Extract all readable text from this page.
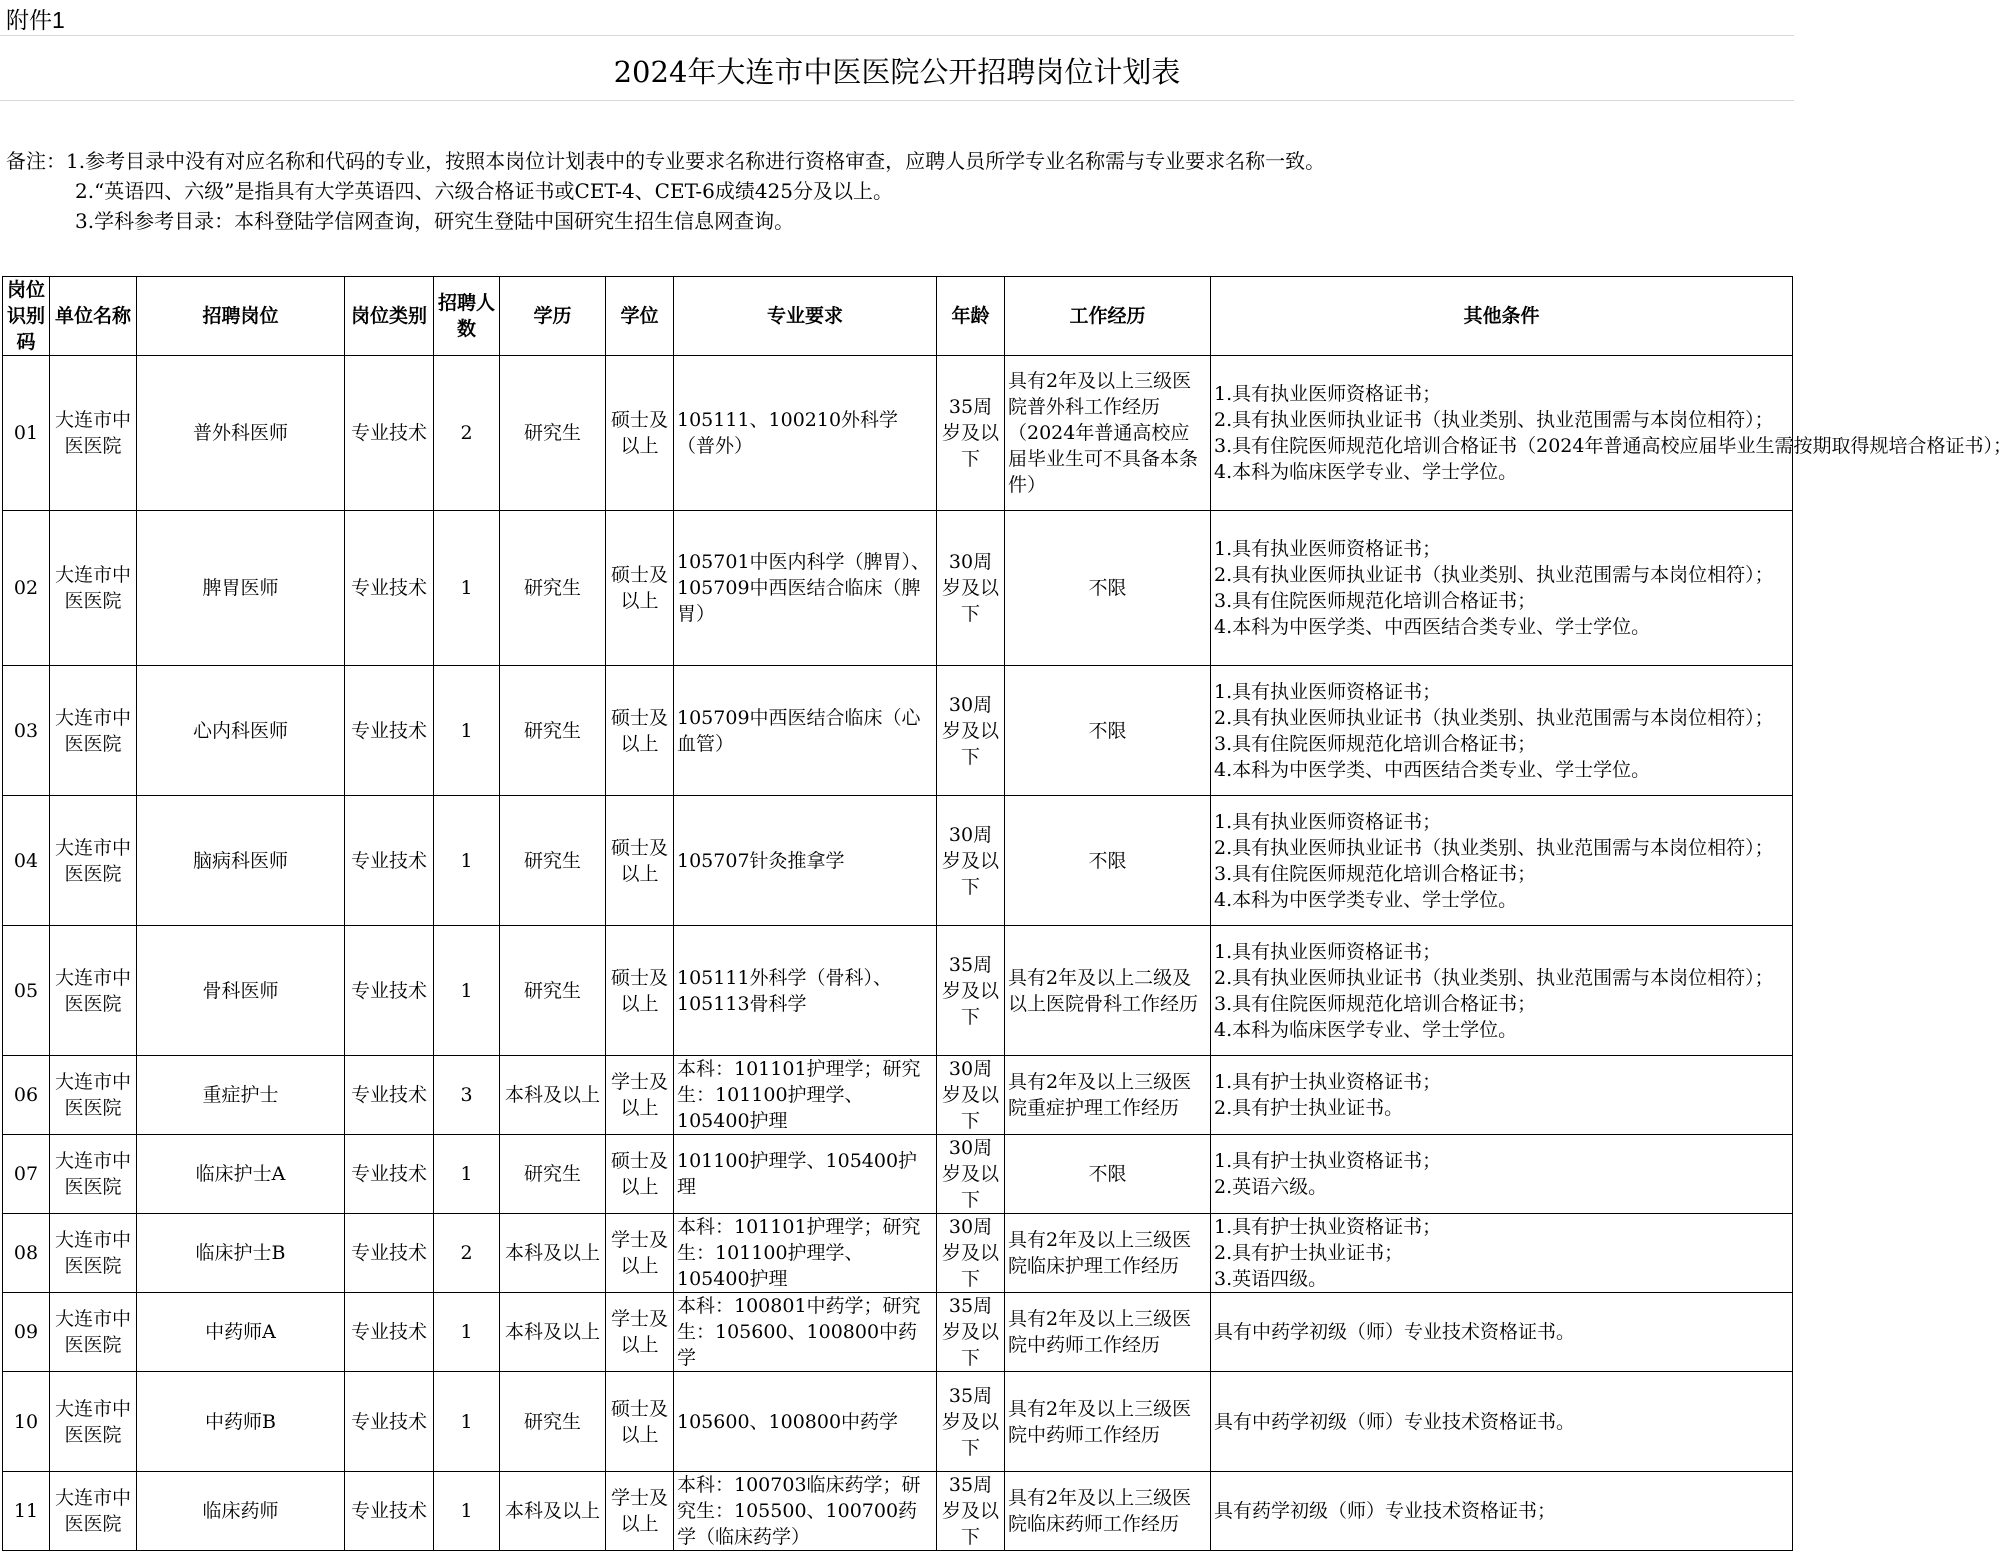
附件1
2024年大连市中医医院公开招聘岗位计划表
备注：1.参考目录中没有对应名称和代码的专业，按照本岗位计划表中的专业要求名称进行资格审查，应聘人员所学专业名称需与专业要求名称一致。
2.“英语四、六级”是指具有大学英语四、六级合格证书或CET-4、CET-6成绩425分及以上。
3.学科参考目录：本科登陆学信网查询，研究生登陆中国研究生招生信息网查询。
岗位识别码	单位名称	招聘岗位	岗位类别	招聘人数	学历	学位	专业要求	年龄	工作经历	其他条件
01	大连市中医医院	普外科医师	专业技术	2	研究生	硕士及以上	105111、100210外科学（普外）	35周岁及以下	具有2年及以上三级医院普外科工作经历（2024年普通高校应届毕业生可不具备本条件）	1.具有执业医师资格证书；
2.具有执业医师执业证书（执业类别、执业范围需与本岗位相符）；
3.具有住院医师规范化培训合格证书（2024年普通高校应届毕业生需按期取得规培合格证书）；
4.本科为临床医学专业、学士学位。

02	大连市中医医院	脾胃医师	专业技术	1	研究生	硕士及以上	105701中医内科学（脾胃）、105709中西医结合临床（脾胃）	30周岁及以下	不限	1.具有执业医师资格证书；
2.具有执业医师执业证书（执业类别、执业范围需与本岗位相符）；
3.具有住院医师规范化培训合格证书；
4.本科为中医学类、中西医结合类专业、学士学位。

03	大连市中医医院	心内科医师	专业技术	1	研究生	硕士及以上	105709中西医结合临床（心血管）	30周岁及以下	不限	1.具有执业医师资格证书；
2.具有执业医师执业证书（执业类别、执业范围需与本岗位相符）；
3.具有住院医师规范化培训合格证书；
4.本科为中医学类、中西医结合类专业、学士学位。

04	大连市中医医院	脑病科医师	专业技术	1	研究生	硕士及以上	105707针灸推拿学	30周岁及以下	不限	1.具有执业医师资格证书；
2.具有执业医师执业证书（执业类别、执业范围需与本岗位相符）；
3.具有住院医师规范化培训合格证书；
4.本科为中医学类专业、学士学位。

05	大连市中医医院	骨科医师	专业技术	1	研究生	硕士及以上	105111外科学（骨科）、105113骨科学	35周岁及以下	具有2年及以上二级及以上医院骨科工作经历	1.具有执业医师资格证书；
2.具有执业医师执业证书（执业类别、执业范围需与本岗位相符）；
3.具有住院医师规范化培训合格证书；
4.本科为临床医学专业、学士学位。

06	大连市中医医院	重症护士	专业技术	3	本科及以上	学士及以上	本科：101101护理学；研究生：101100护理学、105400护理	30周岁及以下	具有2年及以上三级医院重症护理工作经历	1.具有护士执业资格证书；
2.具有护士执业证书。

07	大连市中医医院	临床护士A	专业技术	1	研究生	硕士及以上	101100护理学、105400护理	30周岁及以下	不限	1.具有护士执业资格证书；
2.英语六级。

08	大连市中医医院	临床护士B	专业技术	2	本科及以上	学士及以上	本科：101101护理学；研究生：101100护理学、105400护理	30周岁及以下	具有2年及以上三级医院临床护理工作经历	1.具有护士执业资格证书；
2.具有护士执业证书；
3.英语四级。

09	大连市中医医院	中药师A	专业技术	1	本科及以上	学士及以上	本科：100801中药学；研究生：105600、100800中药学	35周岁及以下	具有2年及以上三级医院中药师工作经历	具有中药学初级（师）专业技术资格证书。

10	大连市中医医院	中药师B	专业技术	1	研究生	硕士及以上	105600、100800中药学	35周岁及以下	具有2年及以上三级医院中药师工作经历	具有中药学初级（师）专业技术资格证书。

11	大连市中医医院	临床药师	专业技术	1	本科及以上	学士及以上	本科：100703临床药学；研究生：105500、100700药学（临床药学）	35周岁及以下	具有2年及以上三级医院临床药师工作经历	具有药学初级（师）专业技术资格证书；
